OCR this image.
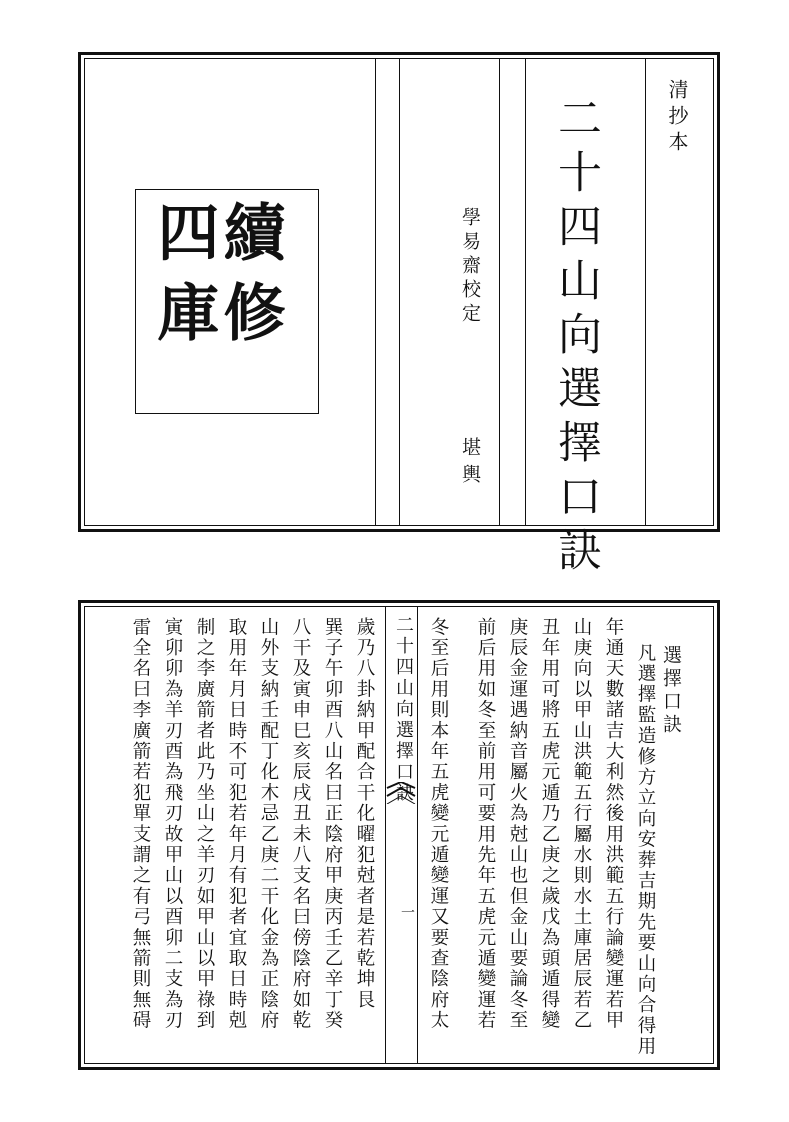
清抄本
二十四山向選擇口訣
學易齋校定
堪輿
續修四庫
二十四山向選擇口訣
一
選擇口訣
凡選擇監造修方立向安葬吉期先要山向合得用
年通天數諸吉大利然後用洪範五行論變運若甲
山庚向以甲山洪範五行屬水則水土庫居辰若乙
丑年用可將五虎元遁乃乙庚之歲戊為頭遁得變
庚辰金運遇納音屬火為尅山也但金山要論冬至
前后用如冬至前用可要用先年五虎元遁變運若
冬至后用則本年五虎變元遁變運又要查陰府太
歲乃八卦納甲配合干化曜犯尅者是若乾坤艮
巽子午卯酉八山名曰正陰府甲庚丙壬乙辛丁癸
八干及寅申巳亥辰戌丑未八支名曰傍陰府如乾
山外支納壬配丁化木忌乙庚二干化金為正陰府
取用年月日時不可犯若年月有犯者宜取日時剋
制之李廣箭者此乃坐山之羊刃如甲山以甲祿到
寅卯卯為羊刃酉為飛刃故甲山以酉卯二支為刃
雷全名曰李廣箭若犯單支謂之有弓無箭則無碍
